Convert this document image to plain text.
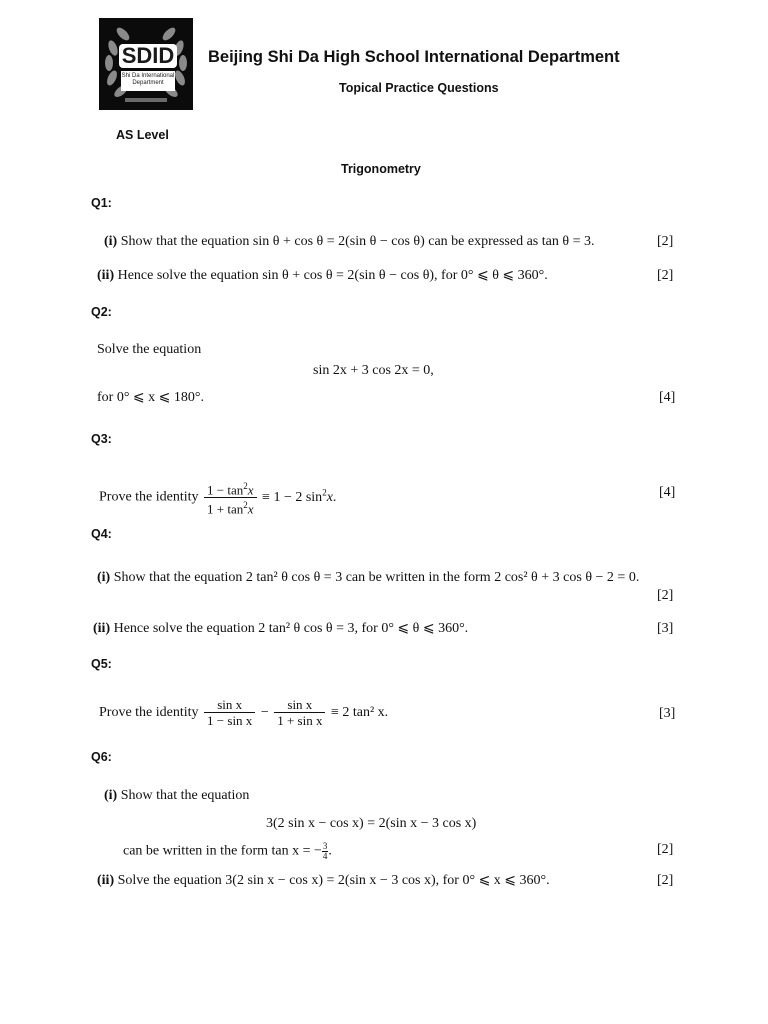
SDID
Shi Da International Department
Beijing Shi Da High School International Department
Topical Practice Questions
AS Level
Trigonometry
Q1:
(i) Show that the equation sin θ + cos θ = 2(sin θ − cos θ) can be expressed as tan θ = 3.	[2]
(ii) Hence solve the equation sin θ + cos θ = 2(sin θ − cos θ), for 0° ⩽ θ ⩽ 360°.	[2]
Q2:
Solve the equation
sin 2x + 3 cos 2x = 0,
for 0° ⩽ x ⩽ 180°.	[4]
Q3:
Prove the identity $\frac{1 - \tan^2x}{1 + \tan^2x} \equiv 1 - 2$ $\sin^2x$.	[4]
Q4:
(i) Show that the equation 2 tan² θ cos θ = 3 can be written in the form 2 cos² θ + 3 cos θ − 2 = 0.
[2]
(ii) Hence solve the equation 2 tan² θ cos θ = 3, for 0° ⩽ θ ⩽ 360°.	[3]
Q5:
Prove the identity $\frac{\text{sin x}}{\text{1 − sin x}} - \frac{\text{sin x}}{\text{1 + sin x}} \equiv 2$ tan² x.	[3]
Q6:
(i) Show that the equation
3(2 sin x − cos x) = 2(sin x − 3 cos x)
can be written in the form tan x = − $\frac{3}{4}$ .	[2]
(ii) Solve the equation 3(2 sin x − cos x) = 2(sin x − 3 cos x), for 0° ⩽ x ⩽ 360°.	[2]
